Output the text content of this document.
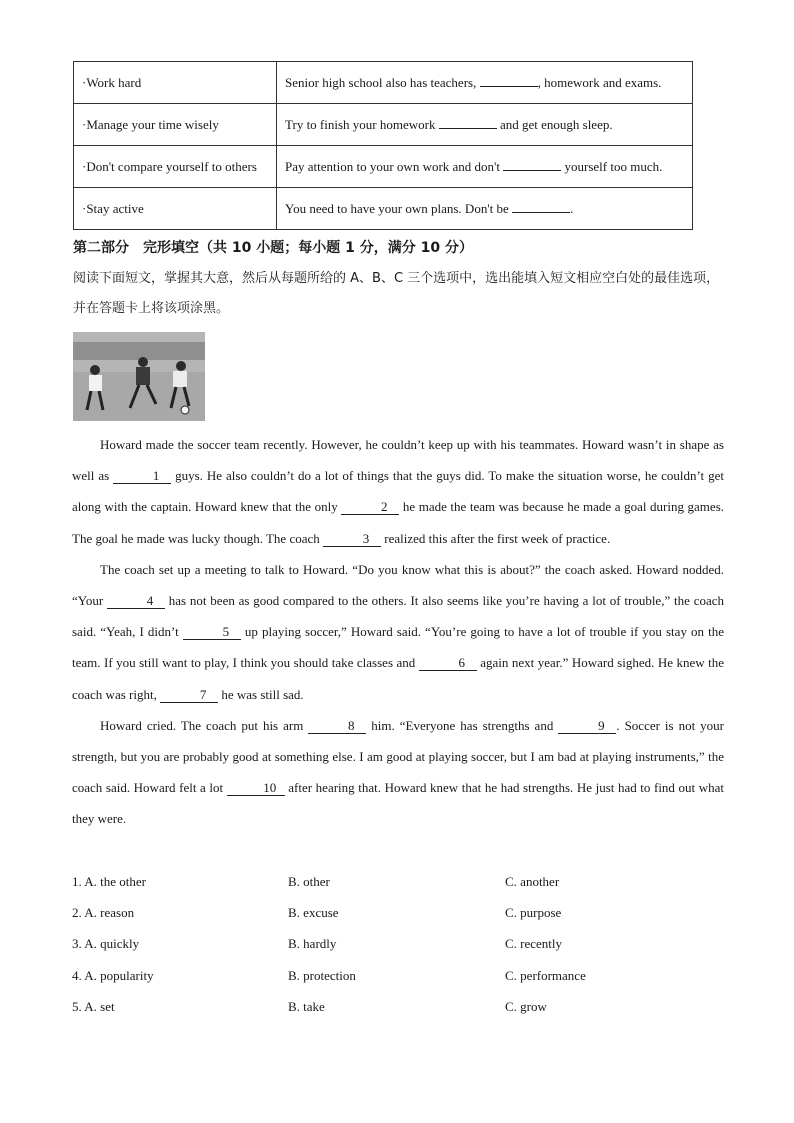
·Work hard	Senior high school also has teachers, , homework and exams.
·Manage your time wisely	Try to finish your homework and get enough sleep.
·Don't compare yourself to others	Pay attention to your own work and don't yourself too much.
·Stay active	You need to have your own plans. Don't be .
第二部分　完形填空（共 10 小题；每小题 1 分，满分 10 分）
阅读下面短文，掌握其大意，然后从每题所给的 A、B、C 三个选项中，选出能填入短文相应空白处的最佳选项，并在答题卡上将该项涂黑。

Howard made the soccer team recently. However, he couldn’t keep up with his teammates. Howard wasn’t in shape as well as	1 guys. He also couldn’t do a lot of things that the guys did. To make the situation worse, he couldn’t get along with the captain. Howard knew that the only	2 he made the team was because he made a goal during games. The goal he made was lucky though. The coach	3 realized this after the first week of practice.

The coach set up a meeting to talk to Howard. “Do you know what this is about?” the coach asked. Howard nodded. “Your	4 has not been as good compared to the others. It also seems like you’re having a lot of trouble,” the coach said. “Yeah, I didn’t	5 up playing soccer,” Howard said. “You’re going to have a lot of trouble if you stay on the team. If you still want to play, I think you should take classes and	6 again next year.” Howard sighed. He knew the coach was right,	7 he was still sad.

Howard cried. The coach put his arm	8 him. “Everyone has strengths and	9 . Soccer is not your strength, but you are probably good at something else. I am good at playing soccer, but I am bad at playing instruments,” the coach said. Howard felt a lot	10 after hearing that. Howard knew that he had strengths. He just had to find out what they were.

1. A. the other	B. other	C. another
2. A. reason	B. excuse	C. purpose
3. A. quickly	B. hardly	C. recently
4. A. popularity	B. protection	C. performance
5. A. set	B. take	C. grow
